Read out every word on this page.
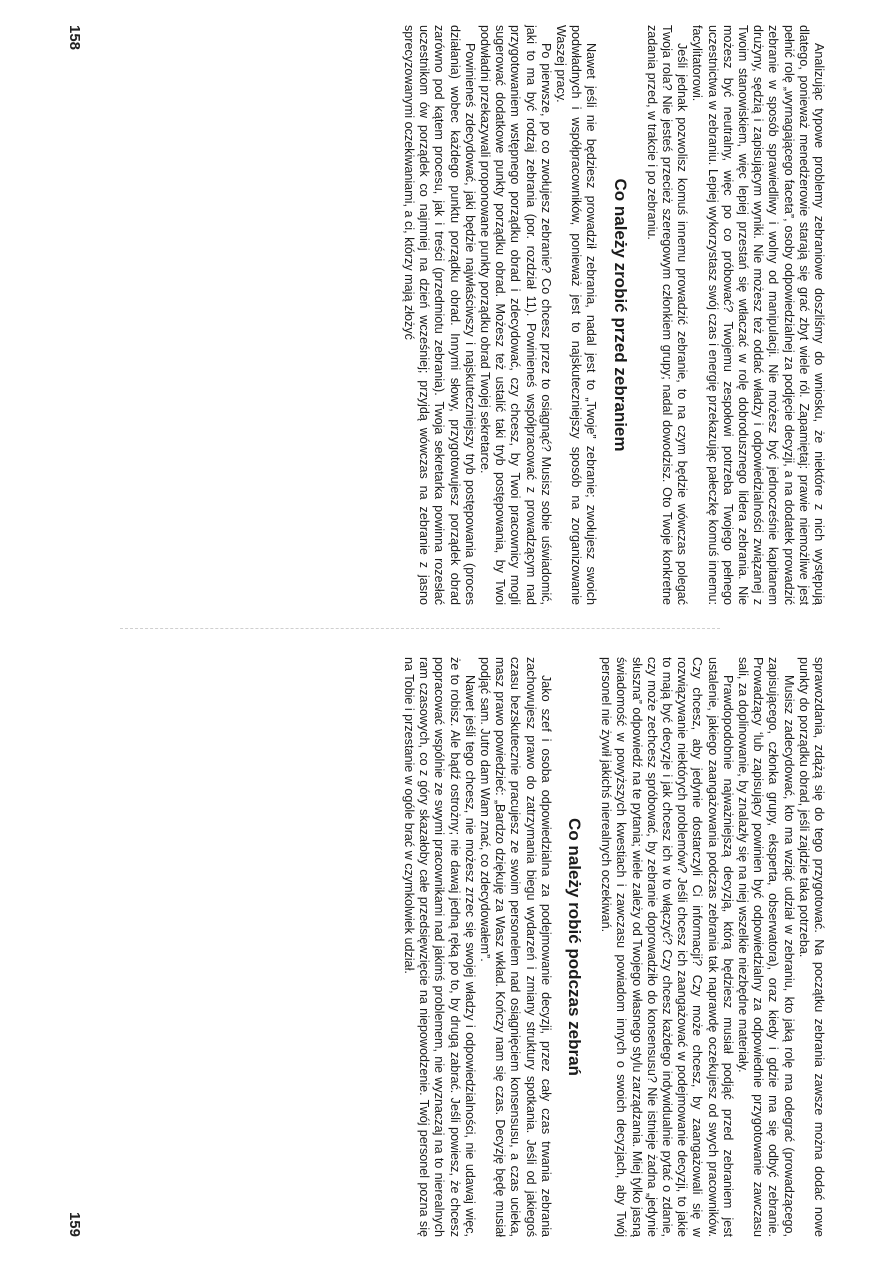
Analizując typowe problemy zebraniowe doszliśmy do wniosku, że niektóre z nich występują dlatego, ponieważ menedżerowie starają się grać zbyt wiele ról. Zapamiętaj: prawie niemożliwe jest pełnić rolę „wyrnagającego faceta”, osoby odpowiedzialnej za podjęcie decyzji, a na dodatek prowadzić zebranie w sposób sprawiedliwy i wolny od manipulacji. Nie możesz być jednocześnie kapitanem drużyny, sędzią i zapisującym wyniki. Nie możesz też oddać władzy i odpowiedzialności związanej z Twoim stanowiskiem, więc lepiej przestań się wtłaczać w rolę dobrodusznego lidera zebrania. Nie możesz być neutralny, więc po co próbować? Twojemu zespołowi potrzeba Twojego pełnego uczestnictwa w zebraniu. Lepiej wykorzystasz swój czas i energię przekazując pałeczkę komuś innemu: facylitatorowi.

Jeśli jednak pozwolisz komuś innemu prowadzić zebranie, to na czym będzie wówczas polegać Twoja rola? Nie jesteś przecież szeregowym członkiem grupy; nadal dowodzisz. Oto Twoje konkretne zadania przed, w trakcie i po zebraniu.

Co należy zrobić przed zebraniem

Nawet jeśli nie będziesz prowadził zebrania, nadal jest to „Twoje” zebranie; zwołujesz swoich podwładnych i współpracowników, ponieważ jest to najskuteczniejszy sposób na zorganizowanie Waszej pracy.

Po pierwsze, po co zwołujesz zebranie? Co chcesz przez to osiągnąć? Musisz sobie uświadomić, jaki to ma być rodzaj zebrania (por. rozdział 11). Powinieneś współpracować z prowadzącym nad przygotowaniem wstępnego porządku obrad i zdecydować, czy chcesz, by Twoi pracownicy mogli sugerować dodatkowe punkty porządku obrad. Możesz też ustalić taki tryb postępowania, by Twoi podwładni przekazywali proponowane punkty porządku obrad Twojej sekretarce.

Powinieneś zdecydować, jaki będzie najwłaściwszy i najskuteczniejszy tryb postępowania (proces działania) wobec każdego punktu porządku obrad. Innymi słowy, przygotowujesz porządek obrad zarówno pod kątem procesu, jak i treści (przedmiotu zebrania). Twoja sekretarka powinna rozesłać uczestnikom ów porządek co najmniej na dzień wcześniej; przyjdą wówczas na zebranie z jasno sprecyzowanymi oczekiwaniami, a ci, którzy mają złożyć

158

sprawozdania, zdążą się do tego przygotować. Na początku zebrania zawsze można dodać nowe punkty do porządku obrad, jeśli zajdzie taka potrzeba.

Musisz zadecydować, kto ma wziąć udział w zebraniu, kto jaką rolę ma odegrać (prowadzącego, zapisującego, członka grupy, eksperta, obserwatora), oraz kiedy i gdzie ma się odbyć zebranie. Prowadzący ‘lub zapisujący powinien być odpowiedzialny za odpowiednie przygotowanie zawczasu sali, za doplinowanie, by znalazły się na niej wszelkie niezbędne materiały.

Prawdopodobnie najważniejszą decyzją, którą będziesz musiał podjąć przed zebraniem jest ustalenie, jakiego zaangażowania podczas zebrania tak naprawdę oczekujesz od swych pracowników. Czy chcesz, aby jedynie dostarczyli Ci informacji? Czy może chcesz, by zaangażowali się w rozwiązywanie niektórych problemów? Jeśli chcesz ich zaangażować w podejmowanie decyzji, to jakie to mają być decyzje i jak chcesz ich w to włączyć? Czy chcesz każdego indywidualnie pytać o zdanie, czy może zechcesz spróbować, by zebranie doprowadziło do konsensusu? Nie istnieje żadna „jedynie słuszna” odpowiedź na te pytania; wiele zależy od Twojego własnego stylu zarządzania. Miej tylko jasną świadomość w powyższych kwestiach i zawczasu powiadom innych o swoich decyzjach, aby Twój personel nie żywił jakichś nierealnych oczekiwań.

Co należy robić podczas zebrań

Jako szef i osoba odpowiedzialna za podejmowanie decyzji, przez cały czas trwania zebrania zachowujesz prawo do zatrzymania biegu wydarzeń i zmiany struktury spotkania. Jeśli od jakiegoś czasu bezskutecznie pracujesz ze swoim personelem nad osiągnięciem konsensusu, a czas ucieka, masz prawo powiedzieć: „Bardzo dziękuję za Wasz wkład. Kończy nam się czas. Decyzję będę musiał podjąć sam. Jutro dam Wam znać, co zdecydowałem”.

Nawet jeśli tego chcesz, nie możesz zrzec się swojej władzy i odpowiedzialności, nie udawaj więc, że to robisz. Ale bądź ostrożny; nie dawaj jedną ręką po to, by drugą zabrać. Jeśli powiesz, że chcesz popracować wspólnie ze swymi pracownikami nad jakimś problemem, nie wyznaczaj na to nierealnych ram czasowych, co z góry skazałoby całe przedsięwzięcie na niepowodzenie. Twój personel pozna się na Tobie i przestanie w ogóle brać w czymkolwiek udział.

159
